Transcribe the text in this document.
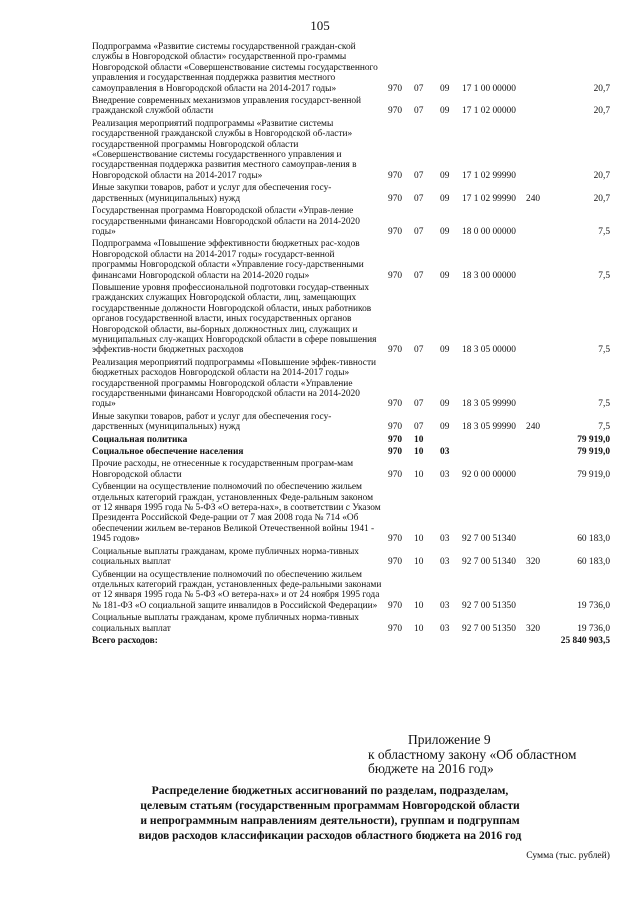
105
Подпрограмма «Развитие системы государственной граждан-ской службы в Новгородской области» государственной про-граммы Новгородской области «Совершенствование системы государственного управления и государственная поддержка развития местного самоуправления в Новгородской области на 2014-2017 годы»	970	07	09	17 1 00 00000		20,7
Внедрение современных механизмов управления государст-венной гражданской службой области	970	07	09	17 1 02 00000		20,7
Реализация мероприятий подпрограммы «Развитие системы государственной гражданской службы в Новгородской об-ласти» государственной программы Новгородской области «Совершенствование системы государственного управления и государственная поддержка развития местного самоуправ-ления в Новгородской области на 2014-2017 годы»	970	07	09	17 1 02 99990		20,7
Иные закупки товаров, работ и услуг для обеспечения госу-дарственных (муниципальных) нужд	970	07	09	17 1 02 99990	240	20,7
Государственная программа Новгородской области «Управ-ление государственными финансами Новгородской области на 2014-2020 годы»	970	07	09	18 0 00 00000		7,5
Подпрограмма «Повышение эффективности бюджетных рас-ходов Новгородской области на 2014-2017 годы» государст-венной программы Новгородской области «Управление госу-дарственными финансами Новгородской области на 2014-2020 годы»	970	07	09	18 3 00 00000		7,5
Повышение уровня профессиональной подготовки государ-ственных гражданских служащих Новгородской области, лиц, замещающих государственные должности Новгородской области, иных работников органов государственной власти, иных государственных органов Новгородской области, вы-борных должностных лиц, служащих и муниципальных слу-жащих Новгородской области в сфере повышения эффектив-ности бюджетных расходов	970	07	09	18 3 05 00000		7,5
Реализация мероприятий подпрограммы «Повышение эффек-тивности бюджетных расходов Новгородской области на 2014-2017 годы» государственной программы Новгородской области «Управление государственными финансами Новгородской области на 2014-2020 годы»	970	07	09	18 3 05 99990		7,5
Иные закупки товаров, работ и услуг для обеспечения госу-дарственных (муниципальных) нужд	970	07	09	18 3 05 99990	240	7,5
Социальная политика	970	10				79 919,0
Социальное обеспечение населения	970	10	03			79 919,0
Прочие расходы, не отнесенные к государственным програм-мам Новгородской области	970	10	03	92 0 00 00000		79 919,0
Субвенции на осуществление полномочий по обеспечению жильем отдельных категорий граждан, установленных Феде-ральным законом от 12 января 1995 года № 5-ФЗ «О ветера-нах», в соответствии с Указом Президента Российской Феде-рации от 7 мая 2008 года № 714 «Об обеспечении жильем ве-теранов Великой Отечественной войны 1941 - 1945 годов»	970	10	03	92 7 00 51340		60 183,0
Социальные выплаты гражданам, кроме публичных норма-тивных социальных выплат	970	10	03	92 7 00 51340	320	60 183,0
Субвенции на осуществление полномочий по обеспечению жильем отдельных категорий граждан, установленных феде-ральными законами от 12 января 1995 года № 5-ФЗ «О ветера-нах» и от 24 ноября 1995 года № 181-ФЗ «О социальной защите инвалидов в Российской Федерации»	970	10	03	92 7 00 51350		19 736,0
Социальные выплаты гражданам, кроме публичных норма-тивных социальных выплат	970	10	03	92 7 00 51350	320	19 736,0
Всего расходов:						25 840 903,5
Приложение 9
к областному закону «Об областном
бюджете на 2016 год»
Распределение бюджетных ассигнований по разделам, подразделам,
целевым статьям (государственным программам Новгородской области
и непрограммным направлениям деятельности), группам и подгруппам
видов расходов классификации расходов областного бюджета на 2016 год
Сумма (тыс. рублей)
